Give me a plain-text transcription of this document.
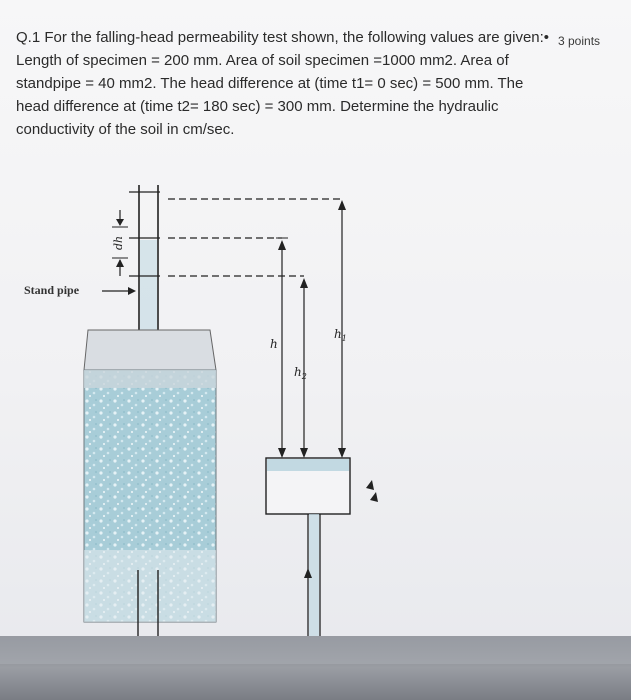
Q.1 For the falling-head permeability test shown, the following values are given:• Length of specimen = 200 mm. Area of soil specimen =1000 mm2. Area of standpipe = 40 mm2. The head difference at (time t1= 0 sec) = 500 mm. The head difference at (time t2= 180 sec) = 300 mm. Determine the hydraulic conductivity of the soil in cm/sec.
3 points
dh
Stand pipe
h
$h_2$
$h_1$
